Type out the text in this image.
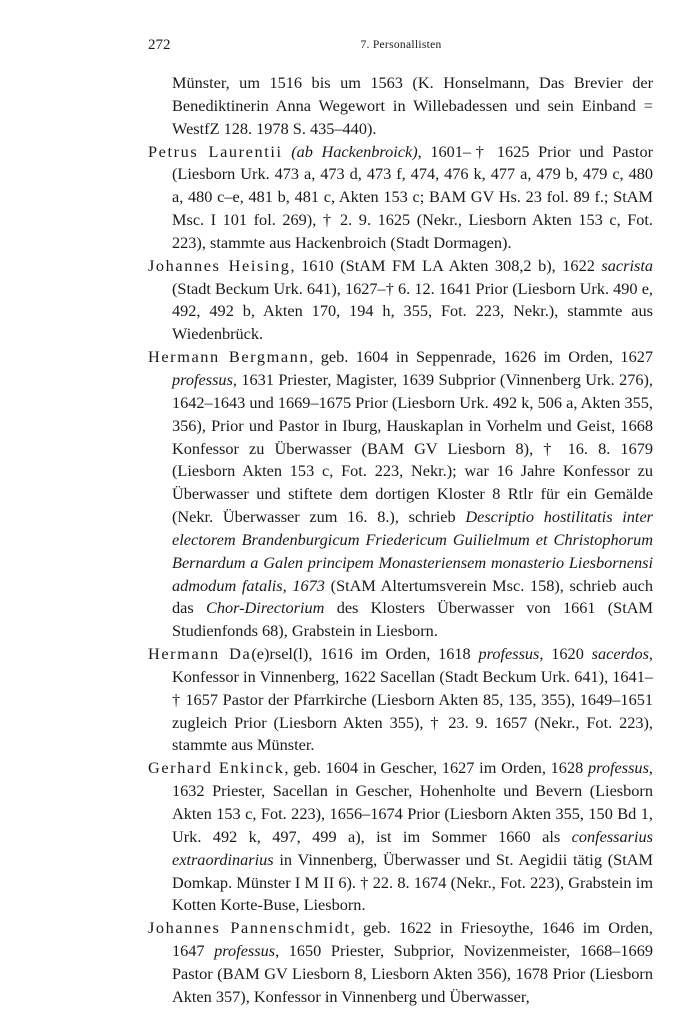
272	7. Personallisten

Münster, um 1516 bis um 1563 (K. Honselmann, Das Brevier der Benediktinerin Anna Wegewort in Willebadessen und sein Einband = WestfZ 128. 1978 S. 435–440).

Petrus Laurentii (ab Hackenbroick), 1601–† 1625 Prior und Pastor (Liesborn Urk. 473 a, 473 d, 473 f, 474, 476 k, 477 a, 479 b, 479 c, 480 a, 480 c–e, 481 b, 481 c, Akten 153 c; BAM GV Hs. 23 fol. 89 f.; StAM Msc. I 101 fol. 269), † 2. 9. 1625 (Nekr., Liesborn Akten 153 c, Fot. 223), stammte aus Hackenbroich (Stadt Dormagen).

Johannes Heising, 1610 (StAM FM LA Akten 308,2 b), 1622 sacrista (Stadt Beckum Urk. 641), 1627–† 6. 12. 1641 Prior (Liesborn Urk. 490 e, 492, 492 b, Akten 170, 194 h, 355, Fot. 223, Nekr.), stammte aus Wiedenbrück.

Hermann Bergmann, geb. 1604 in Seppenrade, 1626 im Orden, 1627 professus, 1631 Priester, Magister, 1639 Subprior (Vinnenberg Urk. 276), 1642–1643 und 1669–1675 Prior (Liesborn Urk. 492 k, 506 a, Akten 355, 356), Prior und Pastor in Iburg, Hauskaplan in Vorhelm und Geist, 1668 Konfessor zu Überwasser (BAM GV Liesborn 8), † 16. 8. 1679 (Liesborn Akten 153 c, Fot. 223, Nekr.); war 16 Jahre Konfessor zu Überwasser und stiftete dem dortigen Kloster 8 Rtlr für ein Gemälde (Nekr. Überwasser zum 16. 8.), schrieb Descriptio hostilitatis inter electorem Brandenburgicum Friedericum Guilielmum et Christophorum Bernardum a Galen principem Monasteriensem monasterio Liesbornensi admodum fatalis, 1673 (StAM Altertumsverein Msc. 158), schrieb auch das Chor-Directorium des Klosters Überwasser von 1661 (StAM Studienfonds 68), Grabstein in Liesborn.

Hermann Da(e)rsel(l), 1616 im Orden, 1618 professus, 1620 sacerdos, Konfessor in Vinnenberg, 1622 Sacellan (Stadt Beckum Urk. 641), 1641–† 1657 Pastor der Pfarrkirche (Liesborn Akten 85, 135, 355), 1649–1651 zugleich Prior (Liesborn Akten 355), † 23. 9. 1657 (Nekr., Fot. 223), stammte aus Münster.

Gerhard Enkinck, geb. 1604 in Gescher, 1627 im Orden, 1628 professus, 1632 Priester, Sacellan in Gescher, Hohenholte und Bevern (Liesborn Akten 153 c, Fot. 223), 1656–1674 Prior (Liesborn Akten 355, 150 Bd 1, Urk. 492 k, 497, 499 a), ist im Sommer 1660 als confessarius extraordinarius in Vinnenberg, Überwasser und St. Aegidii tätig (StAM Domkap. Münster I M II 6). † 22. 8. 1674 (Nekr., Fot. 223), Grabstein im Kotten Korte-Buse, Liesborn.

Johannes Pannenschmidt, geb. 1622 in Friesoythe, 1646 im Orden, 1647 professus, 1650 Priester, Subprior, Novizenmeister, 1668–1669 Pastor (BAM GV Liesborn 8, Liesborn Akten 356), 1678 Prior (Liesborn Akten 357), Konfessor in Vinnenberg und Überwasser,
